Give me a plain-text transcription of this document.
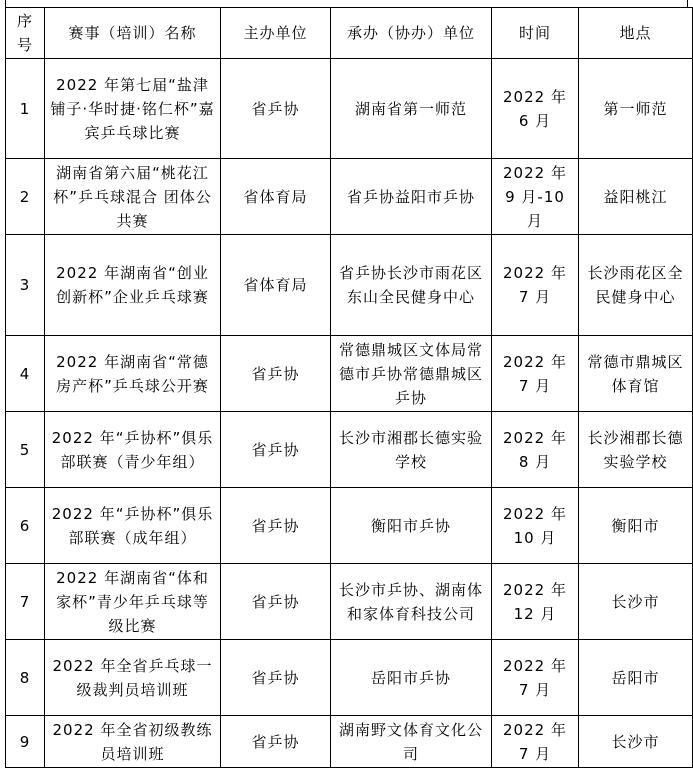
序号	赛事（培训）名称	主办单位	承办（协办）单位	时间	地点
1	2022 年第七届“盐津铺子·华时捷·铭仁杯”嘉宾乒乓球比赛	省乒协	湖南省第一师范	2022 年 6 月	第一师范
2	湖南省第六届“桃花江杯”乒乓球混合 团体公共赛	省体育局	省乒协益阳市乒协	2022 年 9 月-10 月	益阳桃江
3	2022 年湖南省“创业创新杯”企业乒乓球赛	省体育局	省乒协长沙市雨花区东山全民健身中心	2022 年 7 月	长沙雨花区全民健身中心
4	2022 年湖南省“常德房产杯”乒乓球公开赛	省乒协	常德鼎城区文体局常德市乒协常德鼎城区乒协	2022 年 7 月	常德市鼎城区体育馆
5	2022 年“乒协杯”俱乐部联赛（青少年组）	省乒协	长沙市湘郡长德实验学校	2022 年 8 月	长沙湘郡长德实验学校
6	2022 年“乒协杯”俱乐部联赛（成年组）	省乒协	衡阳市乒协	2022 年 10 月	衡阳市
7	2022 年湖南省“体和家杯”青少年乒乓球等级比赛	省乒协	长沙市乒协、湖南体和家体育科技公司	2022 年 12 月	长沙市
8	2022 年全省乒乓球一级裁判员培训班	省乒协	岳阳市乒协	2022 年 7 月	岳阳市
9	2022 年全省初级教练员培训班	省乒协	湖南野文体育文化公司	2022 年 7 月	长沙市
